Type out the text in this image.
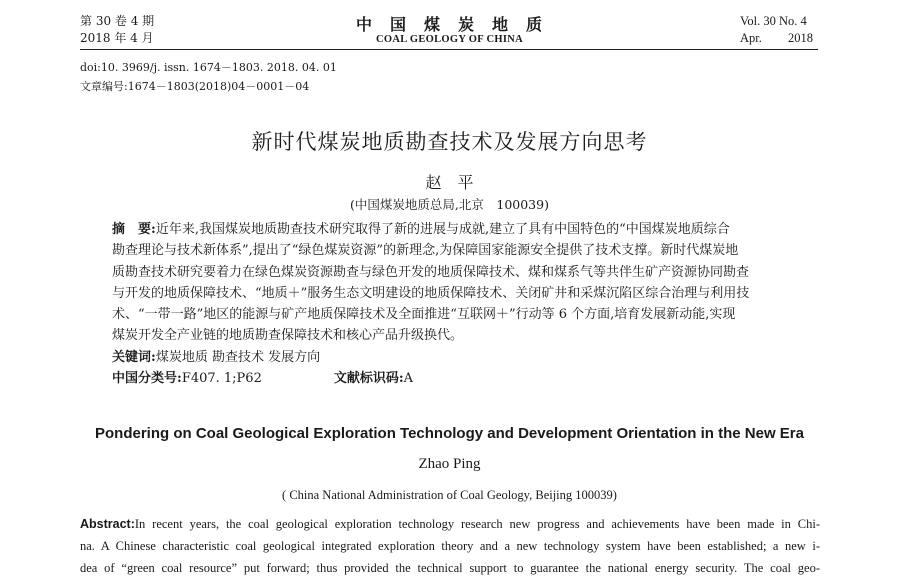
第 30 卷 4 期
2018 年 4 月
中　国　煤　炭　地　质
COAL GEOLOGY OF CHINA
Vol. 30 No. 4
Apr. 2018
doi:10. 3969/j. issn. 1674－1803. 2018. 04. 01
文章编号:1674－1803(2018)04－0001－04
新时代煤炭地质勘查技术及发展方向思考
赵　平
(中国煤炭地质总局,北京　100039)
摘　要:近年来,我国煤炭地质勘查技术研究取得了新的进展与成就,建立了具有中国特色的“中国煤炭地质综合
勘查理论与技术新体系”,提出了“绿色煤炭资源”的新理念,为保障国家能源安全提供了技术支撑。新时代煤炭地
质勘查技术研究要着力在绿色煤炭资源勘查与绿色开发的地质保障技术、煤和煤系气等共伴生矿产资源协同勘查
与开发的地质保障技术、“地质＋”服务生态文明建设的地质保障技术、关闭矿井和采煤沉陷区综合治理与利用技
术、“一带一路”地区的能源与矿产地质保障技术及全面推进“互联网＋”行动等 6 个方面,培育发展新动能,实现
煤炭开发全产业链的地质勘查保障技术和核心产品升级换代。
关键词:煤炭地质 勘查技术 发展方向
中国分类号:F407. 1;P62	文献标识码:A
Pondering on Coal Geological Exploration Technology and Development Orientation in the New Era
Zhao Ping
( China National Administration of Coal Geology, Beijing 100039)
Abstract:In recent years, the coal geological exploration technology research new progress and achievements have been made in Chi-
na. A Chinese characteristic coal geological integrated exploration theory and a new technology system have been established; a new i-
dea of “green coal resource” put forward; thus provided the technical support to guarantee the national energy security. The coal geo-
